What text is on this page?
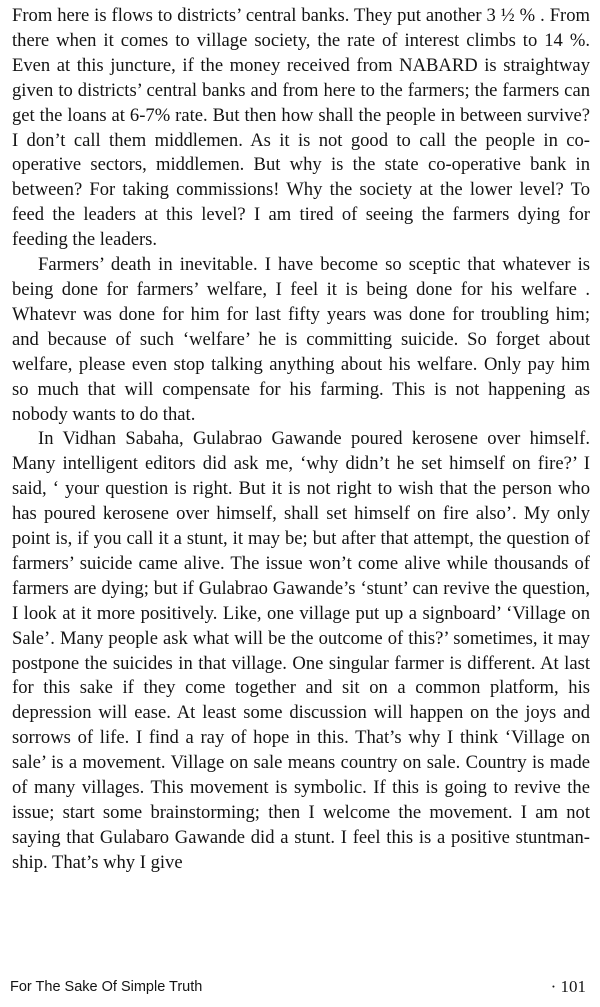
From here is flows to districts’ central banks. They put another 3 ½ % . From there when it comes to village society, the rate of interest climbs to 14 %. Even at this juncture, if the money received from NABARD is straightway given to districts’ central banks and from here to the farmers; the farmers can get the loans at 6-7% rate. But then how shall the people in between survive? I don’t call them middlemen. As it is not good to call the people in co-operative sectors, middlemen. But why is the state co-operative bank in between? For taking commissions! Why the society at the lower level? To feed the leaders at this level? I am tired of seeing the farmers dying for feeding the leaders.

Farmers’ death in inevitable. I have become so sceptic that whatever is being done for farmers’ welfare, I feel it is being done for his welfare . Whatevr was done for him for last fifty years was done for troubling him; and because of such ‘welfare’ he is committing suicide. So forget about welfare, please even stop talking anything about his welfare. Only pay him so much that will compensate for his farming. This is not happening as nobody wants to do that.

In Vidhan Sabaha, Gulabrao Gawande poured kerosene over himself. Many intelligent editors did ask me, ‘why didn’t he set himself on fire?’ I said, ‘ your question is right. But it is not right to wish that the person who has poured kerosene over himself, shall set himself on fire also’. My only point is, if you call it a stunt, it may be; but after that attempt, the question of farmers’ suicide came alive. The issue won’t come alive while thousands of farmers are dying; but if Gulabrao Gawande’s ‘stunt’ can revive the question, I look at it more positively. Like, one village put up a signboard’ ‘Village on Sale’. Many people ask what will be the outcome of this?’ sometimes, it may postpone the suicides in that village. One singular farmer is different. At last for this sake if they come together and sit on a common platform, his depression will ease. At least some discussion will happen on the joys and sorrows of life. I find a ray of hope in this. That’s why I think ‘Village on sale’ is a movement. Village on sale means country on sale. Country is made of many villages. This movement is symbolic. If this is going to revive the issue; start some brainstorming; then I welcome the movement. I am not saying that Gulabaro Gawande did a stunt. I feel this is a positive stuntman-ship. That’s why I give

For The Sake Of Simple Truth	· 101
